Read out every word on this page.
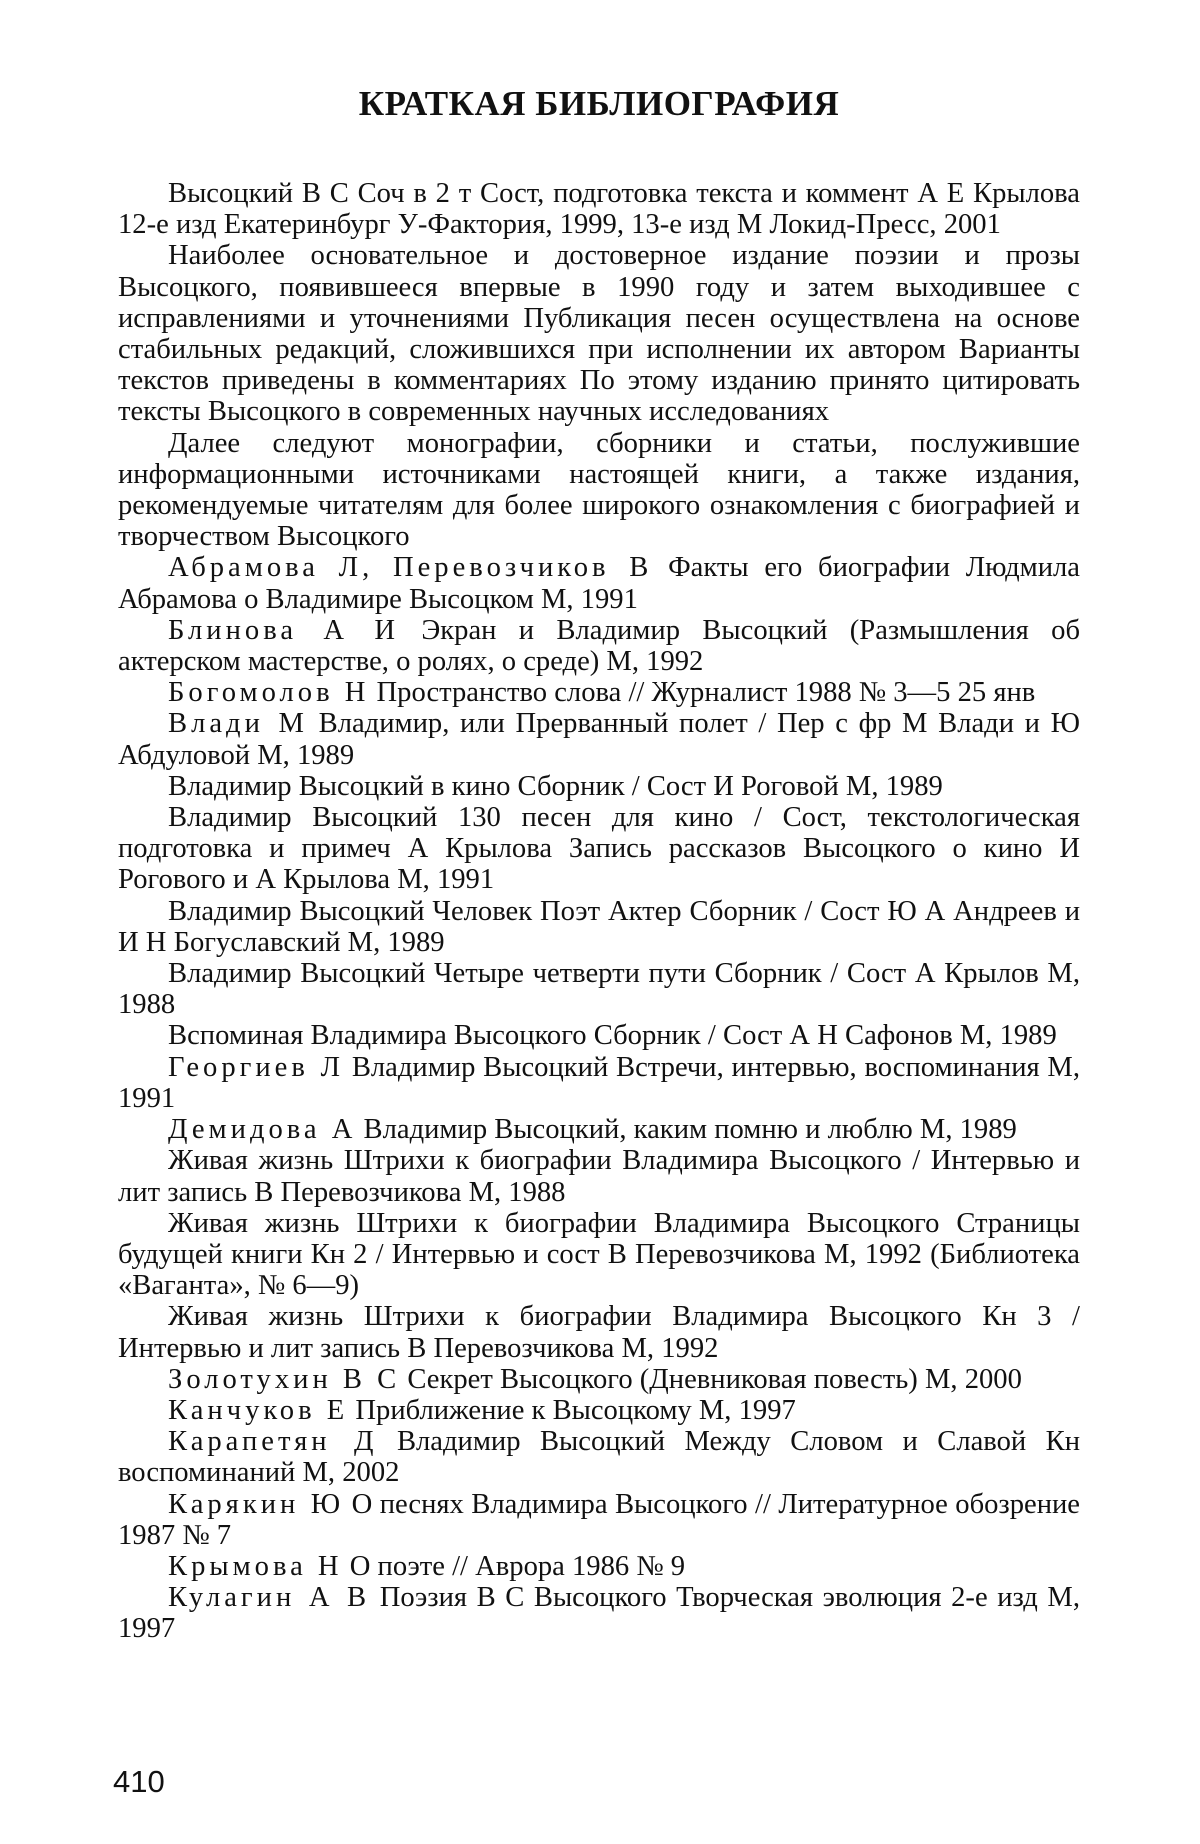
КРАТКАЯ БИБЛИОГРАФИЯ

Высоцкий В С Соч в 2 т Сост, подготовка текста и коммент А Е Крылова 12-е изд Екатеринбург У-Фактория, 1999, 13-е изд М Локид-Пресс, 2001

Наиболее основательное и достоверное издание поэзии и прозы Высоцкого, появившееся впервые в 1990 году и затем выходившее с исправлениями и уточнениями Публикация песен осуществлена на основе стабильных редакций, сложившихся при исполнении их автором Варианты текстов приведены в комментариях По этому изданию принято цитировать тексты Высоцкого в современных научных исследованиях

Далее следуют монографии, сборники и статьи, послужившие информационными источниками настоящей книги, а также издания, рекомендуемые читателям для более широкого ознакомления с биографией и творчеством Высоцкого

Абрамова Л, Перевозчиков В Факты его биографии Людмила Абрамова о Владимире Высоцком М, 1991

Блинова А И Экран и Владимир Высоцкий (Размышления об актерском мастерстве, о ролях, о среде) М, 1992

Богомолов Н Пространство слова // Журналист 1988 № 3—5 25 янв

Влади М Владимир, или Прерванный полет / Пер с фр М Влади и Ю Абдуловой М, 1989

Владимир Высоцкий в кино Сборник / Сост И Роговой М, 1989

Владимир Высоцкий 130 песен для кино / Сост, текстологическая подготовка и примеч А Крылова Запись рассказов Высоцкого о кино И Рогового и А Крылова М, 1991

Владимир Высоцкий Человек Поэт Актер Сборник / Сост Ю А Андреев и И Н Богуславский М, 1989

Владимир Высоцкий Четыре четверти пути Сборник / Сост А Крылов М, 1988

Вспоминая Владимира Высоцкого Сборник / Сост А Н Сафонов М, 1989

Георгиев Л Владимир Высоцкий Встречи, интервью, воспоминания М, 1991

Демидова А Владимир Высоцкий, каким помню и люблю М, 1989

Живая жизнь Штрихи к биографии Владимира Высоцкого / Интервью и лит запись В Перевозчикова М, 1988

Живая жизнь Штрихи к биографии Владимира Высоцкого Страницы будущей книги Кн 2 / Интервью и сост В Перевозчикова М, 1992 (Библиотека «Ваганта», № 6—9)

Живая жизнь Штрихи к биографии Владимира Высоцкого Кн 3 / Интервью и лит запись В Перевозчикова М, 1992

Золотухин В С Секрет Высоцкого (Дневниковая повесть) М, 2000

Канчуков Е Приближение к Высоцкому М, 1997

Карапетян Д Владимир Высоцкий Между Словом и Славой Кн воспоминаний М, 2002

Карякин Ю О песнях Владимира Высоцкого // Литературное обозрение 1987 № 7

Крымова Н О поэте // Аврора 1986 № 9

Кулагин А В Поэзия В С Высоцкого Творческая эволюция 2-е изд М, 1997

410
